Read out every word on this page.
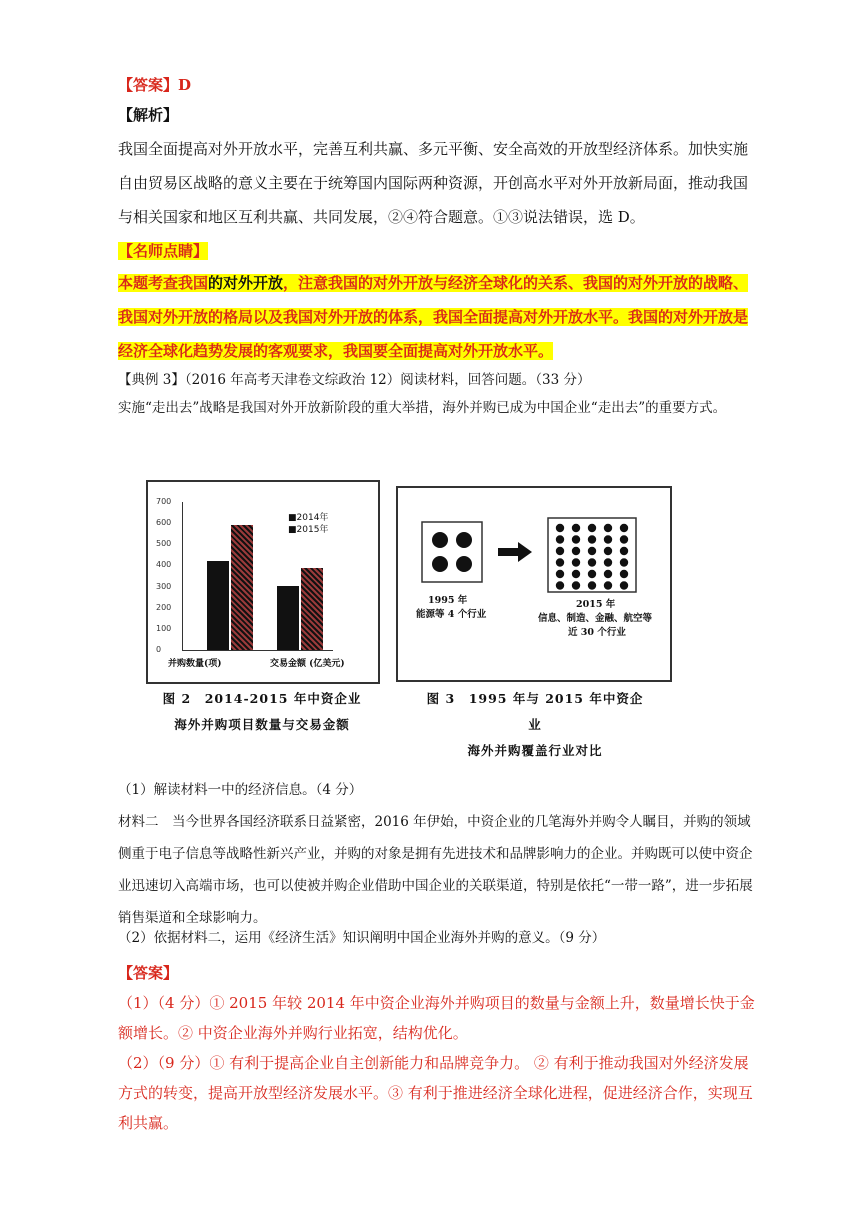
【答案】D

【解析】

我国全面提高对外开放水平，完善互利共赢、多元平衡、安全高效的开放型经济体系。加快实施自由贸易区战略的意义主要在于统筹国内国际两种资源，开创高水平对外开放新局面，推动我国与相关国家和地区互利共赢、共同发展，②④符合题意。①③说法错误，选 D。

【名师点睛】

本题考查我国的对外开放，注意我国的对外开放与经济全球化的关系、我国的对外开放的战略、我国对外开放的格局以及我国对外开放的体系，我国全面提高对外开放水平。我国的对外开放是经济全球化趋势发展的客观要求，我国要全面提高对外开放水平。

【典例 3】（2016 年高考天津卷文综政治 12）阅读材料，回答问题。（33 分）

实施“走出去”战略是我国对外开放新阶段的重大举措，海外并购已成为中国企业“走出去”的重要方式。

700
600
500
400
300
200
100
0
■2014年
■2015年
并购数量(项)	交易金额 (亿美元)
图 2　2014-2015 年中资企业
海外并购项目数量与交易金额
1995 年
能源等 4 个行业
2015 年
信息、制造、金融、航空等
近 30 个行业
图 3　1995 年与 2015 年中资企业
海外并购覆盖行业对比

（1）解读材料一中的经济信息。（4 分）

材料二　当今世界各国经济联系日益紧密，2016 年伊始，中资企业的几笔海外并购令人瞩目，并购的领域侧重于电子信息等战略性新兴产业，并购的对象是拥有先进技术和品牌影响力的企业。并购既可以使中资企业迅速切入高端市场，也可以使被并购企业借助中国企业的关联渠道，特别是依托“一带一路”，进一步拓展销售渠道和全球影响力。

（2）依据材料二，运用《经济生活》知识阐明中国企业海外并购的意义。（9 分）

【答案】

（1）（4 分）① 2015 年较 2014 年中资企业海外并购项目的数量与金额上升，数量增长快于金额增长。② 中资企业海外并购行业拓宽，结构优化。

（2）（9 分）① 有利于提高企业自主创新能力和品牌竞争力。 ② 有利于推动我国对外经济发展方式的转变，提高开放型经济发展水平。③ 有利于推进经济全球化进程，促进经济合作，实现互利共赢。
